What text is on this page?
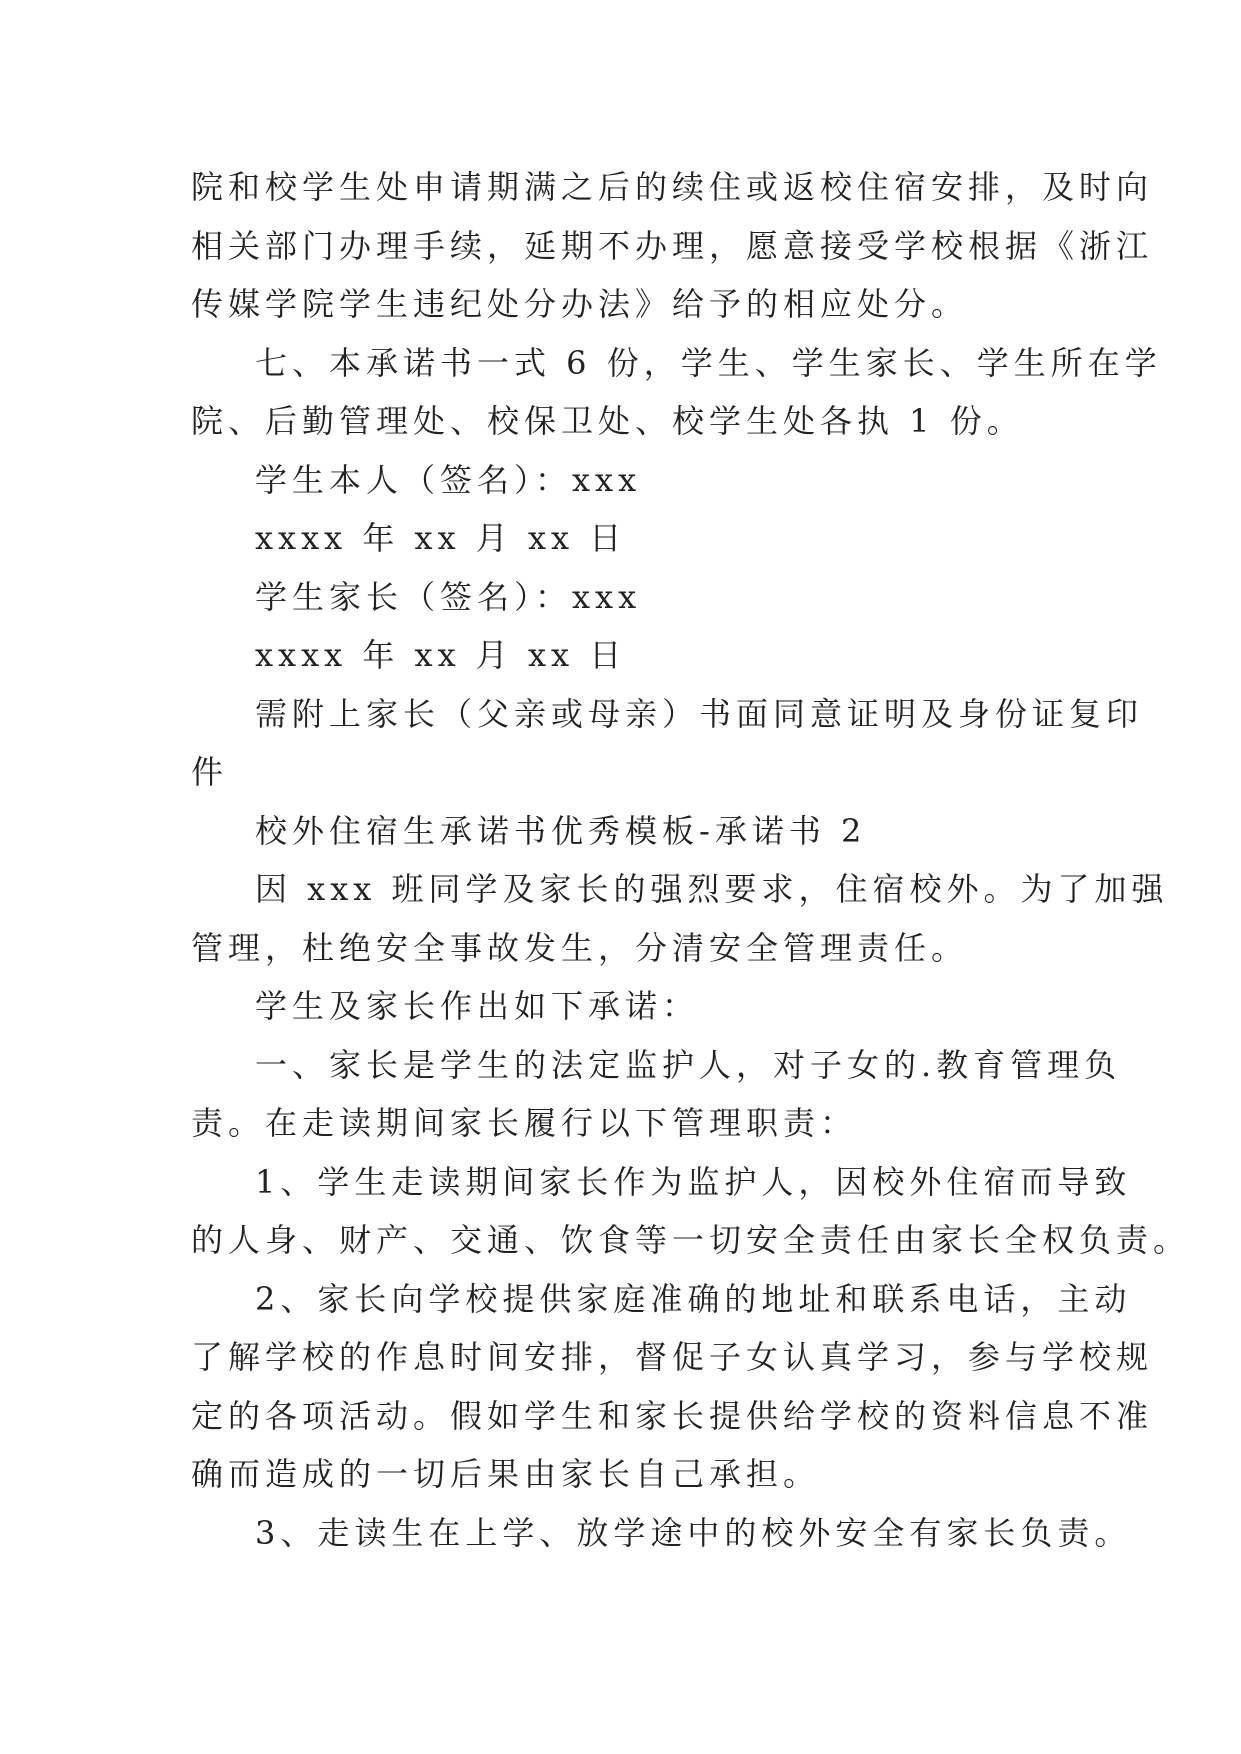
院和校学生处申请期满之后的续住或返校住宿安排，及时向
相关部门办理手续，延期不办理，愿意接受学校根据《浙江
传媒学院学生违纪处分办法》给予的相应处分。
七、本承诺书一式 6 份，学生、学生家长、学生所在学
院、后勤管理处、校保卫处、校学生处各执 1 份。
学生本人（签名）：xxx
xxxx 年 xx 月 xx 日
学生家长（签名）：xxx
xxxx 年 xx 月 xx 日
需附上家长（父亲或母亲）书面同意证明及身份证复印
件
校外住宿生承诺书优秀模板-承诺书 2
因 xxx 班同学及家长的强烈要求，住宿校外。为了加强
管理，杜绝安全事故发生，分清安全管理责任。
学生及家长作出如下承诺：
一、家长是学生的法定监护人，对子女的.教育管理负
责。在走读期间家长履行以下管理职责：
1、学生走读期间家长作为监护人，因校外住宿而导致
的人身、财产、交通、饮食等一切安全责任由家长全权负责。
2、家长向学校提供家庭准确的地址和联系电话，主动
了解学校的作息时间安排，督促子女认真学习，参与学校规
定的各项活动。假如学生和家长提供给学校的资料信息不准
确而造成的一切后果由家长自己承担。
3、走读生在上学、放学途中的校外安全有家长负责。
